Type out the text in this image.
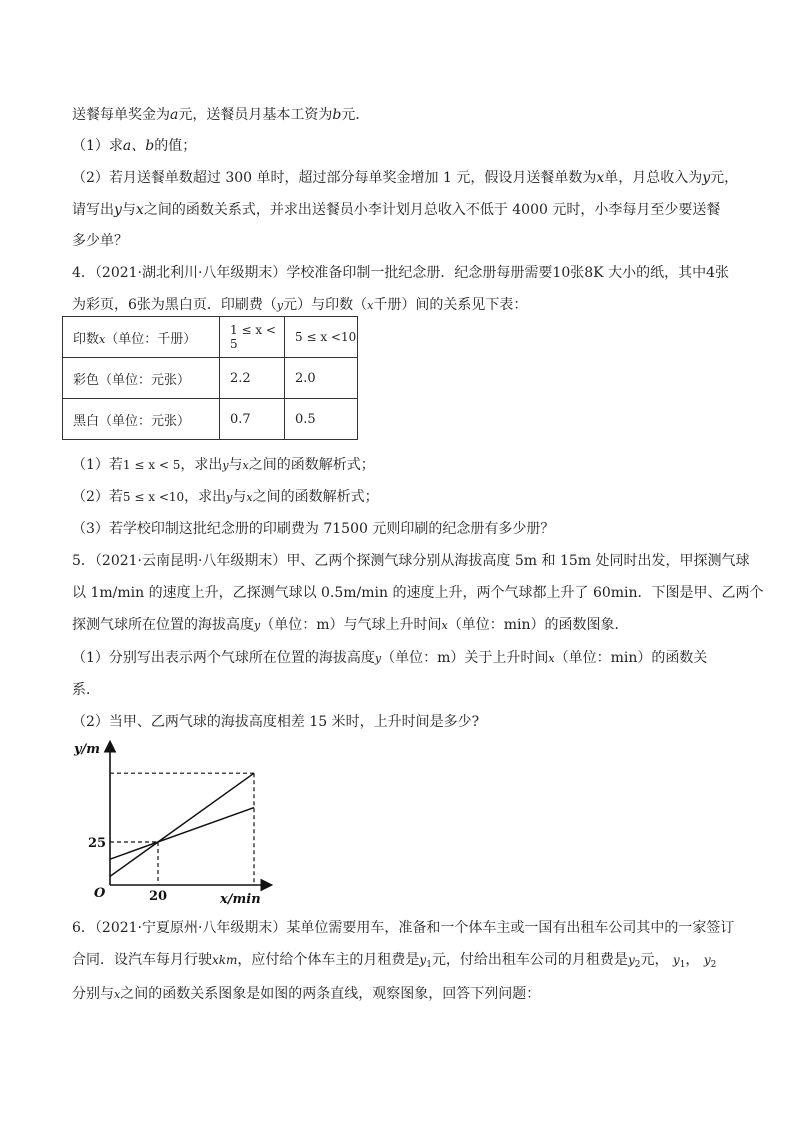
送餐每单奖金为a元，送餐员月基本工资为b元．
（1）求a、b的值；
（2）若月送餐单数超过 300 单时，超过部分每单奖金增加 1 元，假设月送餐单数为x单，月总收入为y元，
请写出y与x之间的函数关系式，并求出送餐员小李计划月总收入不低于 4000 元时，小李每月至少要送餐
多少单？
4．（2021·湖北利川·八年级期末）学校准备印制一批纪念册．纪念册每册需要10张8K 大小的纸，其中4张
为彩页，6张为黑白页．印刷费（y元）与印数（x千册）间的关系见下表：
印数x（单位：千册）	1 ≤ x < 5	5 ≤ x <10
彩色（单位：元张）	2.2	2.0
黑白（单位：元张）	0.7	0.5
（1）若1 ≤ x < 5，求出y与x之间的函数解析式；
（2）若5 ≤ x <10，求出y与x之间的函数解析式；
（3）若学校印制这批纪念册的印刷费为 71500 元则印刷的纪念册有多少册？
5．（2021·云南昆明·八年级期末）甲、乙两个探测气球分别从海拔高度 5m 和 15m 处同时出发，甲探测气球
以 1m/min 的速度上升，乙探测气球以 0.5m/min 的速度上升，两个气球都上升了 60min．下图是甲、乙两个
探测气球所在位置的海拔高度y（单位：m）与气球上升时间x（单位：min）的函数图象．
（1）分别写出表示两个气球所在位置的海拔高度y（单位：m）关于上升时间x（单位：min）的函数关
系．
（2）当甲、乙两气球的海拔高度相差 15 米时，上升时间是多少?
y/m
x/min
O
25
20
6．（2021·宁夏原州·八年级期末）某单位需要用车，准备和一个体车主或一国有出租车公司其中的一家签订
合同．设汽车每月行驶xkm，应付给个体车主的月租费是$y_1$元，付给出租车公司的月租费是$y_2$元， $y_1$， $y_2$
分别与x之间的函数关系图象是如图的两条直线，观察图象，回答下列问题：
